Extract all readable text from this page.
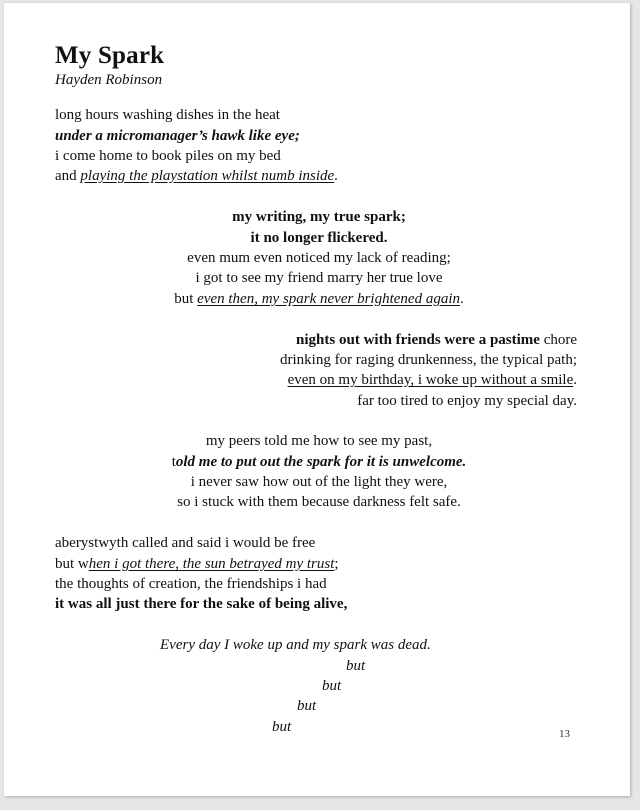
My Spark
Hayden Robinson
long hours washing dishes in the heat
under a micromanager’s hawk like eye;
i come home to book piles on my bed
and playing the playstation whilst numb inside.
my writing, my true spark;
it no longer flickered.
even mum even noticed my lack of reading;
i got to see my friend marry her true love
but even then, my spark never brightened again.
nights out with friends were a pastime chore
drinking for raging drunkenness, the typical path;
even on my birthday, i woke up without a smile.
far too tired to enjoy my special day.
my peers told me how to see my past,
told me to put out the spark for it is unwelcome.
i never saw how out of the light they were,
so i stuck with them because darkness felt safe.
aberystwyth called and said i would be free
but when i got there, the sun betrayed my trust;
the thoughts of creation, the friendships i had
it was all just there for the sake of being alive,
Every day I woke up and my spark was dead.
but
but
but
but	13
